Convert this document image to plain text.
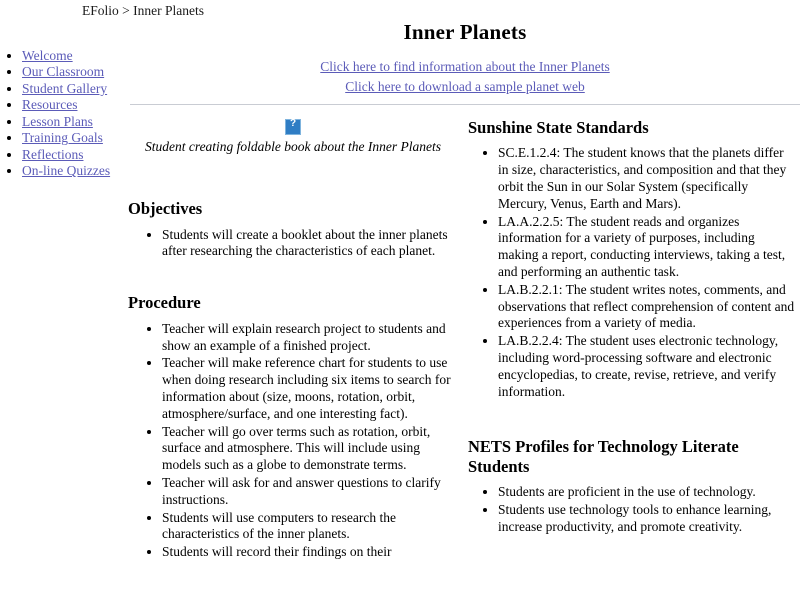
EFolio > Inner Planets
• Welcome
• Our Classroom
• Student Gallery
• Resources
• Lesson Plans
• Training Goals
• Reflections
• On-line Quizzes
Inner Planets
Click here to find information about the Inner Planets
Click here to download a sample planet web
?
Student creating foldable book about the Inner Planets
Objectives
• Students will create a booklet about the inner planets after researching the characteristics of each planet.
Procedure
• Teacher will explain research project to students and show an example of a finished project.
• Teacher will make reference chart for students to use when doing research including six items to search for information about (size, moons, rotation, orbit, atmosphere/surface, and one interesting fact).
• Teacher will go over terms such as rotation, orbit, surface and atmosphere. This will include using models such as a globe to demonstrate terms.
• Teacher will ask for and answer questions to clarify instructions.
• Students will use computers to research the characteristics of the inner planets.
• Students will record their findings on their
Sunshine State Standards
• SC.E.1.2.4: The student knows that the planets differ in size, characteristics, and composition and that they orbit the Sun in our Solar System (specifically Mercury, Venus, Earth and Mars).
• LA.A.2.2.5: The student reads and organizes information for a variety of purposes, including making a report, conducting interviews, taking a test, and performing an authentic task.
• LA.B.2.2.1: The student writes notes, comments, and observations that reflect comprehension of content and experiences from a variety of media.
• LA.B.2.2.4: The student uses electronic technology, including word-processing software and electronic encyclopedias, to create, revise, retrieve, and verify information.
NETS Profiles for Technology Literate Students
• Students are proficient in the use of technology.
• Students use technology tools to enhance learning, increase productivity, and promote creativity.
